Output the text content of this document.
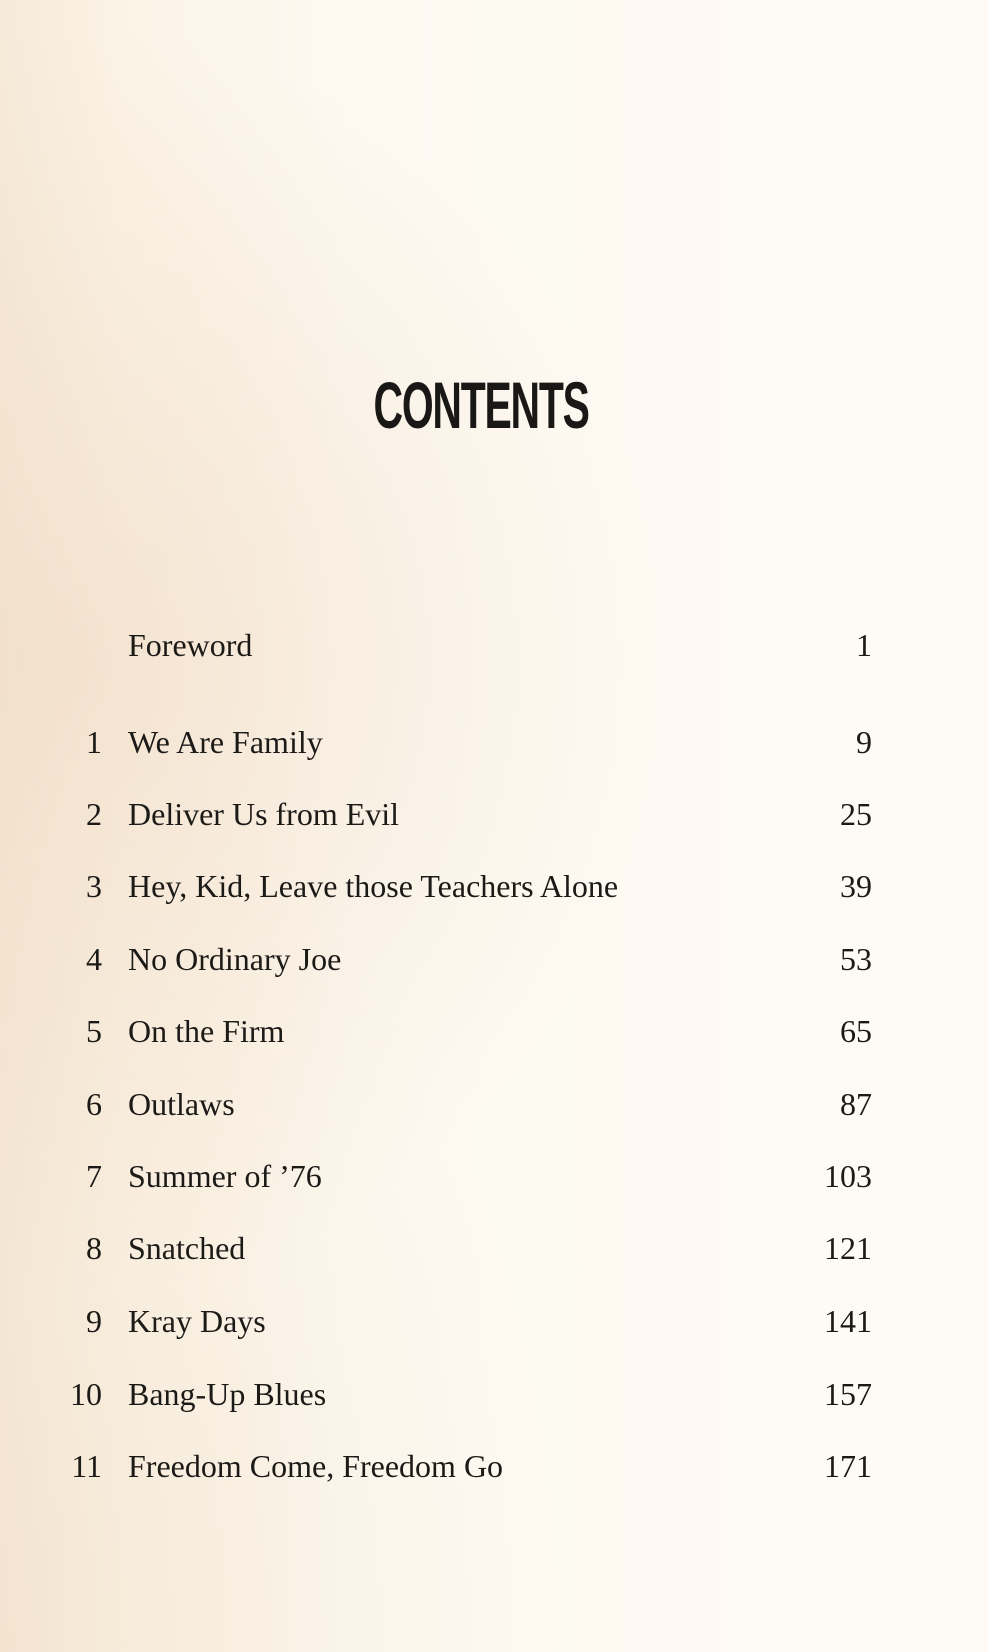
CONTENTS
Foreword	1
1 We Are Family	9
2 Deliver Us from Evil	25
3 Hey, Kid, Leave those Teachers Alone	39
4 No Ordinary Joe	53
5 On the Firm	65
6 Outlaws	87
7 Summer of ’76	103
8 Snatched	121
9 Kray Days	141
10 Bang-Up Blues	157
11 Freedom Come, Freedom Go	171
